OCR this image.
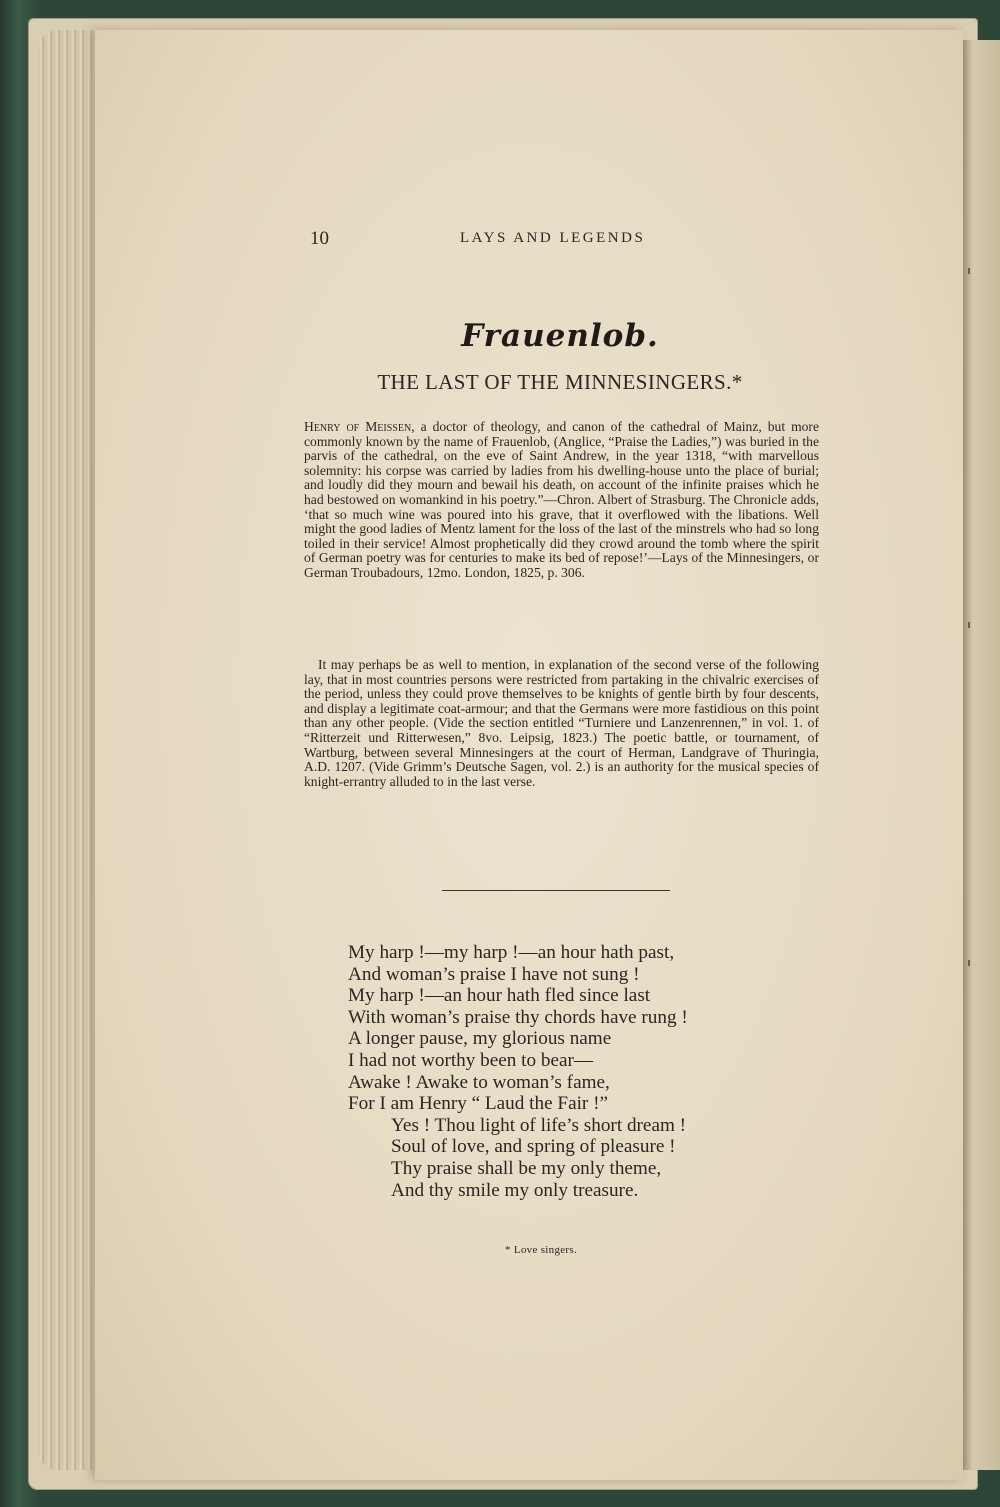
10	LAYS AND LEGENDS
Frauenlob.
THE LAST OF THE MINNESINGERS.*

Henry of Meissen, a doctor of theology, and canon of the cathedral of Mainz, but more commonly known by the name of Frauenlob, (Anglice, “Praise the Ladies,”) was buried in the parvis of the cathedral, on the eve of Saint Andrew, in the year 1318, “with marvellous solemnity: his corpse was carried by ladies from his dwelling-house unto the place of burial; and loudly did they mourn and bewail his death, on account of the infinite praises which he had bestowed on womankind in his poetry.”—Chron. Albert of Strasburg. The Chronicle adds, ‘that so much wine was poured into his grave, that it overflowed with the libations. Well might the good ladies of Mentz lament for the loss of the last of the minstrels who had so long toiled in their service! Almost prophetically did they crowd around the tomb where the spirit of German poetry was for centuries to make its bed of repose!’—Lays of the Minnesingers, or German Troubadours, 12mo. London, 1825, p. 306.

It may perhaps be as well to mention, in explanation of the second verse of the following lay, that in most countries persons were restricted from partaking in the chivalric exercises of the period, unless they could prove themselves to be knights of gentle birth by four descents, and display a legitimate coat-armour; and that the Germans were more fastidious on this point than any other people. (Vide the section entitled “Turniere und Lanzenrennen,” in vol. 1. of “Ritterzeit und Ritterwesen,” 8vo. Leipsig, 1823.) The poetic battle, or tournament, of Wartburg, between several Minnesingers at the court of Herman, Landgrave of Thuringia, A.D. 1207. (Vide Grimm’s Deutsche Sagen, vol. 2.) is an authority for the musical species of knight-errantry alluded to in the last verse.

My harp !—my harp !—an hour hath past,
And woman’s praise I have not sung !
My harp !—an hour hath fled since last
With woman’s praise thy chords have rung !
A longer pause, my glorious name
I had not worthy been to bear—
Awake ! Awake to woman’s fame,
For I am Henry “ Laud the Fair !”
Yes ! Thou light of life’s short dream !
Soul of love, and spring of pleasure !
Thy praise shall be my only theme,
And thy smile my only treasure.
* Love singers.
